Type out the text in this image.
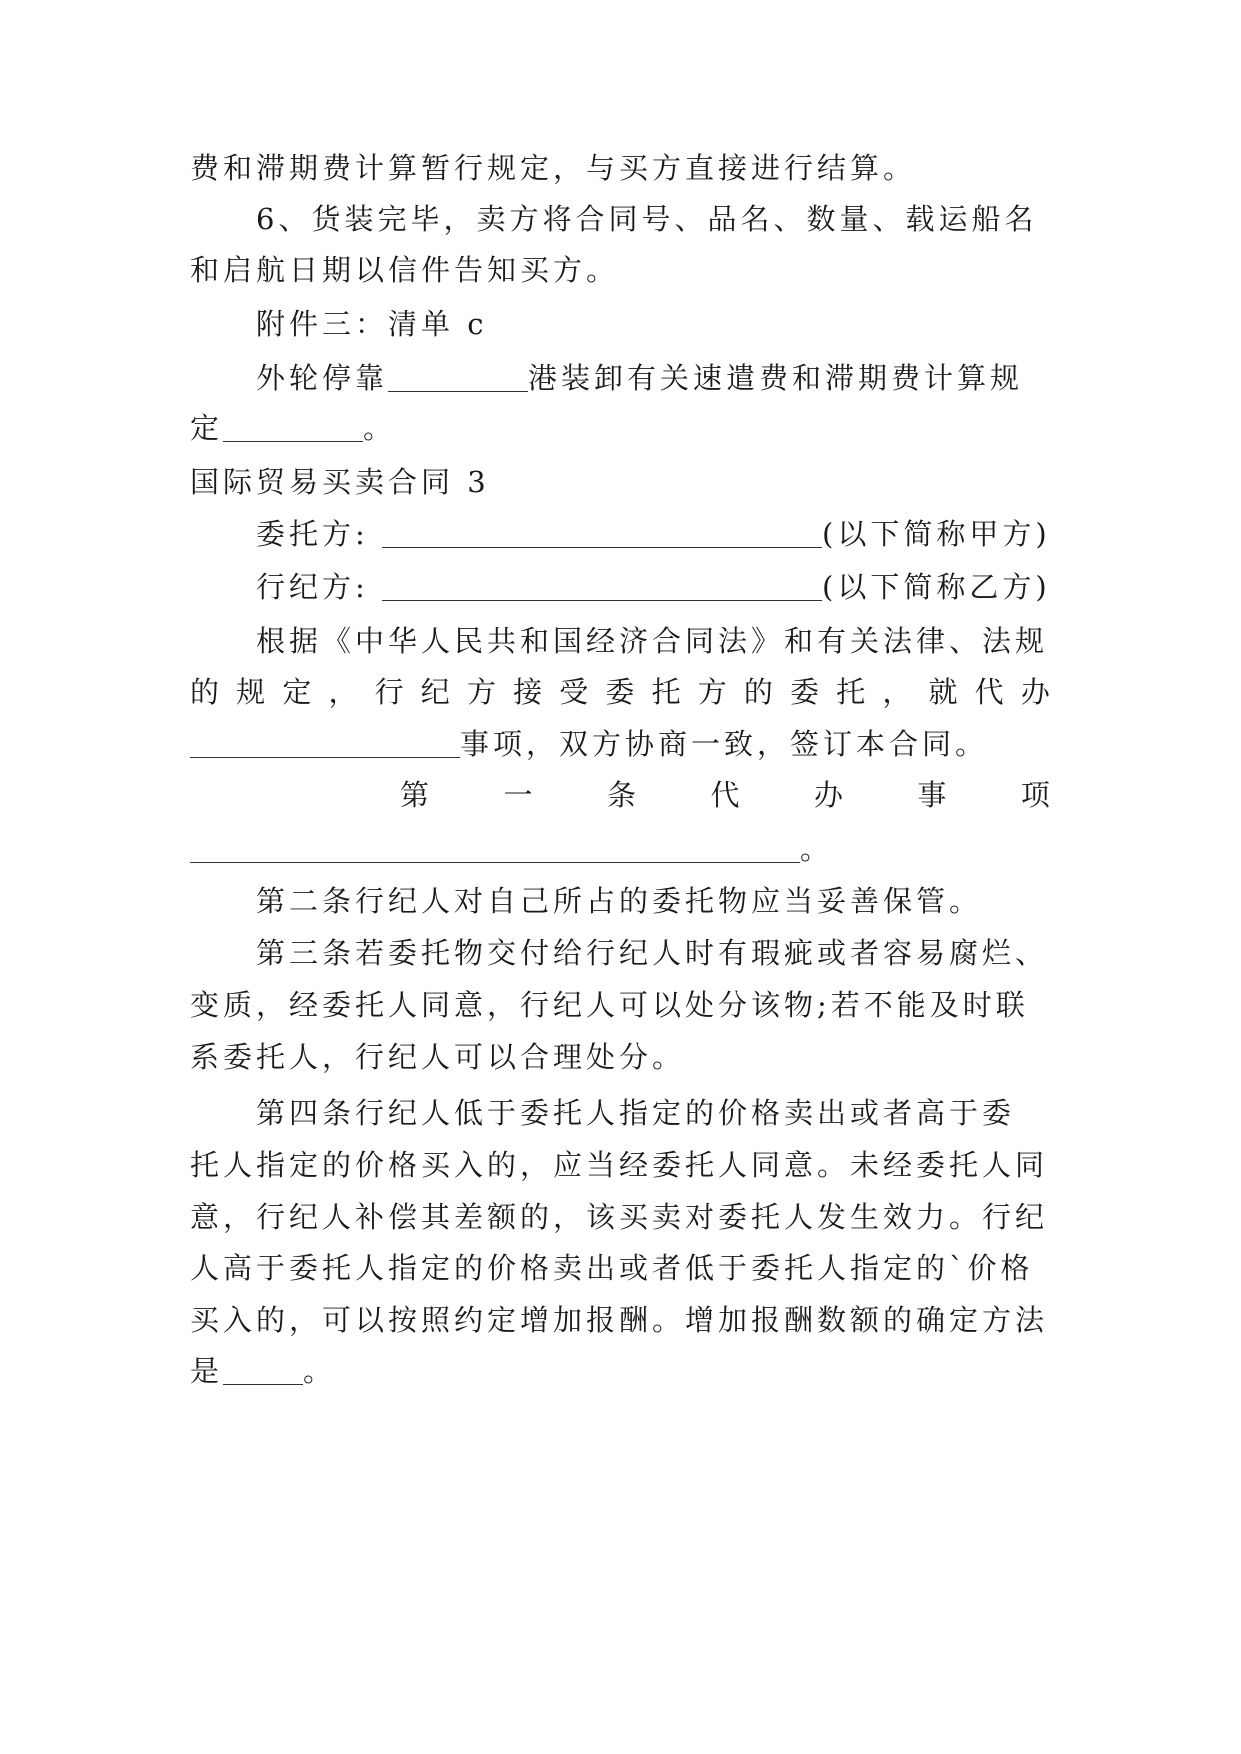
费和滞期费计算暂行规定，与买方直接进行结算。
6、货装完毕，卖方将合同号、品名、数量、载运船名
和启航日期以信件告知买方。
附件三：清单 c
外轮停靠	港装卸有关速遣费和滞期费计算规
定	。
国际贸易买卖合同 3
委托方:	(以下简称甲方)
行纪方:	(以下简称乙方)
根据《中华人民共和国经济合同法》和有关法律、法规
的 规 定 ， 行 纪 方 接 受 委 托 方 的 委 托 ， 就 代 办
事项，双方协商一致，签订本合同。
第	一	条	代	办	事	项
。
第二条行纪人对自己所占的委托物应当妥善保管。
第三条若委托物交付给行纪人时有瑕疵或者容易腐烂、
变质，经委托人同意，行纪人可以处分该物;若不能及时联
系委托人，行纪人可以合理处分。
第四条行纪人低于委托人指定的价格卖出或者高于委
托人指定的价格买入的，应当经委托人同意。未经委托人同
意，行纪人补偿其差额的，该买卖对委托人发生效力。行纪
人高于委托人指定的价格卖出或者低于委托人指定的`价格
买入的，可以按照约定增加报酬。增加报酬数额的确定方法
是	。
